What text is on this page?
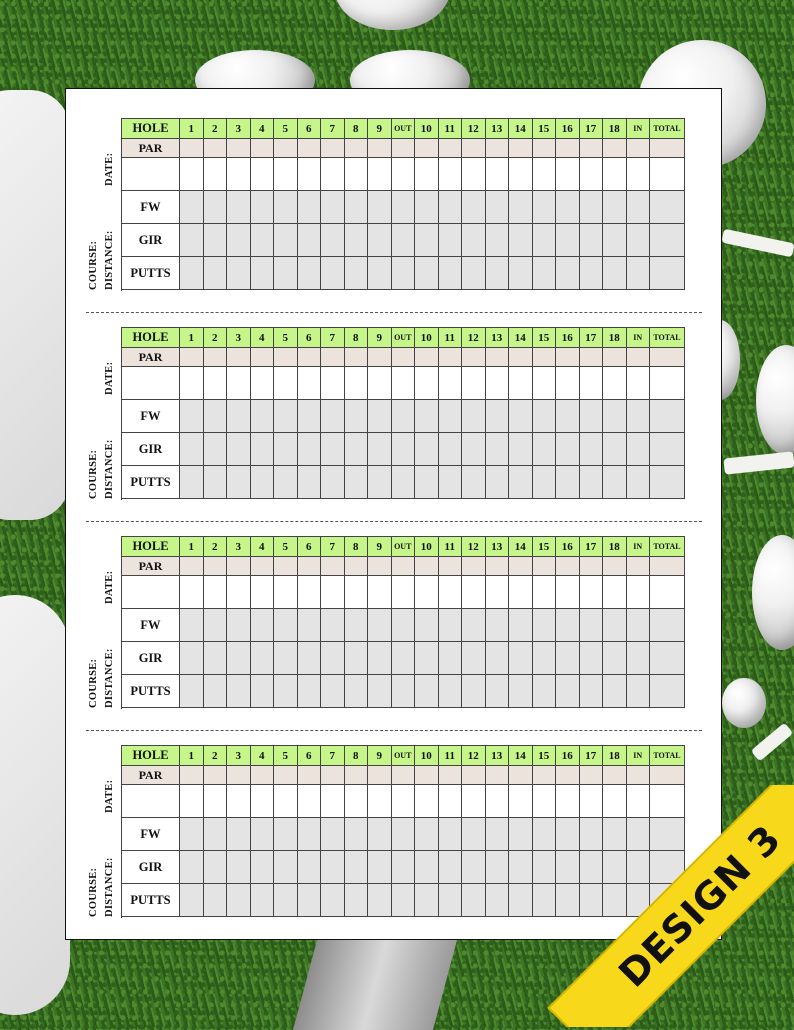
COURSE: DISTANCE:
DATE:
HOLE	1	2	3	4	5	6	7	8	9	OUT	10	11	12	13	14	15	16	17	18	IN	TOTAL
PAR																					

FW																					
GIR																					
PUTTS																					
COURSE: DISTANCE:
DATE:
HOLE	1	2	3	4	5	6	7	8	9	OUT	10	11	12	13	14	15	16	17	18	IN	TOTAL
PAR																					

FW																					
GIR																					
PUTTS																					
COURSE: DISTANCE:
DATE:
HOLE	1	2	3	4	5	6	7	8	9	OUT	10	11	12	13	14	15	16	17	18	IN	TOTAL
PAR																					

FW																					
GIR																					
PUTTS																					
COURSE: DISTANCE:
DATE:
HOLE	1	2	3	4	5	6	7	8	9	OUT	10	11	12	13	14	15	16	17	18	IN	TOTAL
PAR																					

FW																					
GIR																					
PUTTS																						DESIGN 3
